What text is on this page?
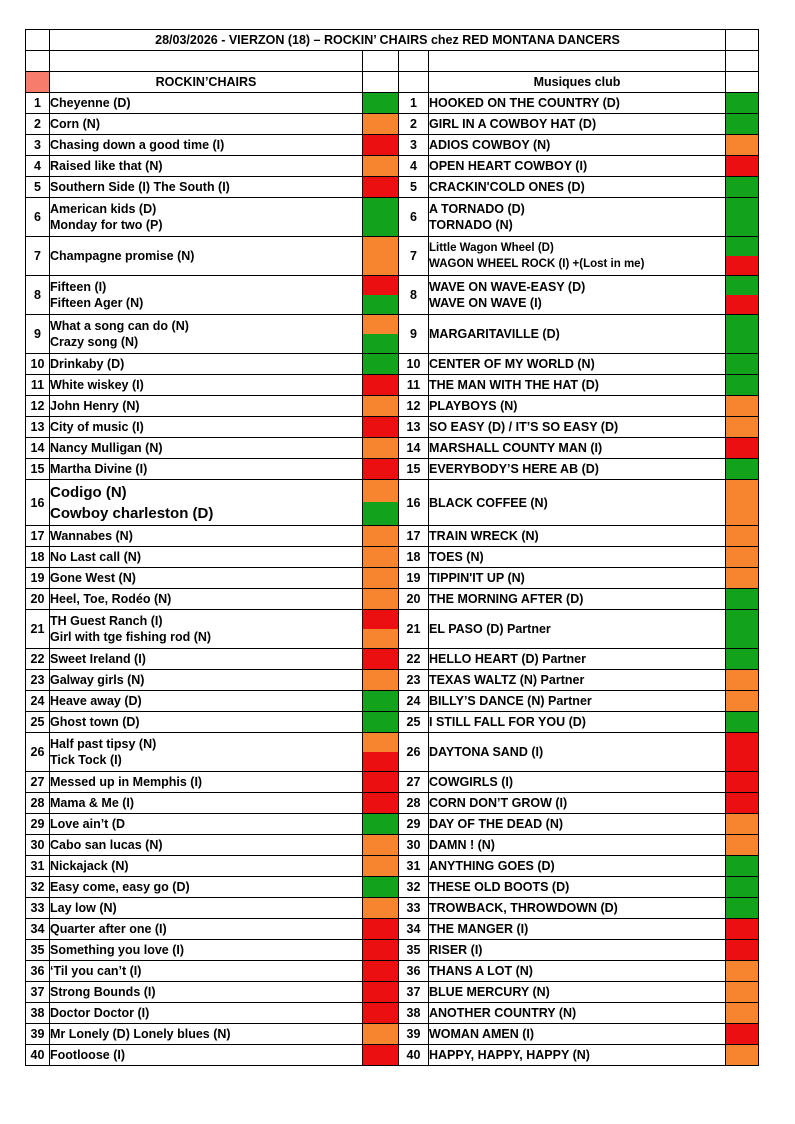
	28/03/2026 - VIERZON (18) – ROCKIN’ CHAIRS chez RED MONTANA DANCERS				

	ROCKIN’CHAIRS			Musiques club	
1	Cheyenne (D)		1	HOOKED ON THE COUNTRY (D)	

2	Corn (N)		2	GIRL IN A COWBOY HAT (D)	

3	Chasing down a good time (I)		3	ADIOS COWBOY (N)	

4	Raised like that (N)		4	OPEN HEART COWBOY (I)	

5	Southern Side (I) The South (I)		5	CRACKIN'COLD ONES (D)	

6	American kids (D)
Monday for two (P)		6	A TORNADO (D)
TORNADO (N)	

7	Champagne promise (N)		7	Little Wagon Wheel (D)
WAGON WHEEL ROCK (I) +(Lost in me)	

8	Fifteen (I)
Fifteen Ager (N)		8	WAVE ON WAVE-EASY (D)
WAVE ON WAVE (I)	

9	What a song can do (N)
Crazy song (N)		9	MARGARITAVILLE (D)	

10	Drinkaby (D)		10	CENTER OF MY WORLD (N)	

11	White wiskey (I)		11	THE MAN WITH THE HAT (D)	

12	John Henry (N)		12	PLAYBOYS (N)	

13	City of music (I)		13	SO EASY (D) / IT’S SO EASY (D)	

14	Nancy Mulligan (N)		14	MARSHALL COUNTY MAN (I)	

15	Martha Divine (I)		15	EVERYBODY’S HERE AB (D)	

16	Codigo (N)
Cowboy charleston (D)		16	BLACK COFFEE (N)	

17	Wannabes (N)		17	TRAIN WRECK (N)	

18	No Last call (N)		18	TOES (N)	

19	Gone West (N)		19	TIPPIN'IT UP (N)	

20	Heel, Toe, Rodéo (N)		20	THE MORNING AFTER (D)	

21	TH Guest Ranch (I)
Girl with tge fishing rod (N)		21	EL PASO (D) Partner	

22	Sweet Ireland (I)		22	HELLO HEART (D) Partner	

23	Galway girls (N)		23	TEXAS WALTZ (N) Partner	

24	Heave away (D)		24	BILLY’S DANCE (N) Partner	

25	Ghost town (D)		25	I STILL FALL FOR YOU (D)	

26	Half past tipsy (N)
Tick Tock (I)		26	DAYTONA SAND (I)	

27	Messed up in Memphis (I)		27	COWGIRLS (I)	

28	Mama & Me (I)		28	CORN DON’T GROW (I)	

29	Love ain’t (D		29	DAY OF THE DEAD (N)	

30	Cabo san lucas (N)		30	DAMN ! (N)	

31	Nickajack (N)		31	ANYTHING GOES (D)	

32	Easy come, easy go (D)		32	THESE OLD BOOTS (D)	

33	Lay low (N)		33	TROWBACK, THROWDOWN (D)	

34	Quarter after one (I)		34	THE MANGER (I)	

35	Something you love (I)		35	RISER (I)	

36	‘Til you can’t (I)		36	THANS A LOT (N)	

37	Strong Bounds (I)		37	BLUE MERCURY (N)	

38	Doctor Doctor (I)		38	ANOTHER COUNTRY (N)	

39	Mr Lonely (D) Lonely blues (N)		39	WOMAN AMEN (I)	

40	Footloose (I)		40	HAPPY, HAPPY, HAPPY (N)	
